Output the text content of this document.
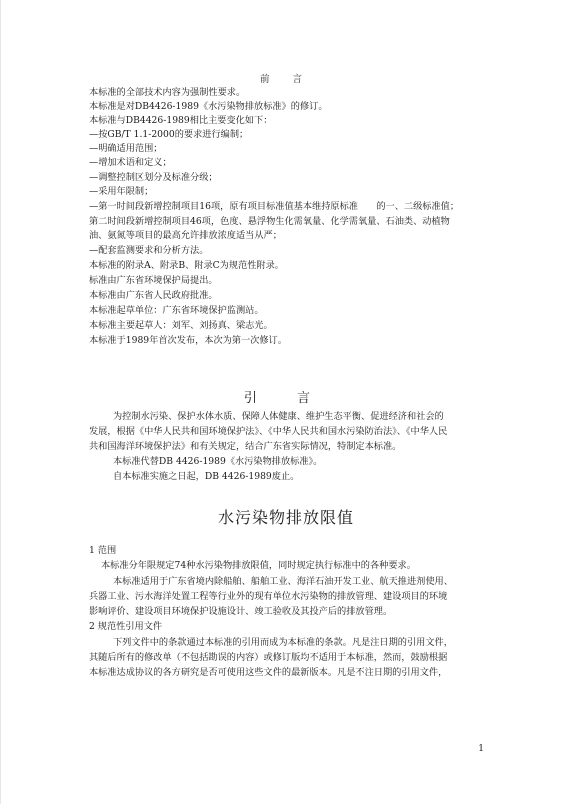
前 言
本标准的全部技术内容为强制性要求。
本标准是对DB4426-1989《水污染物排放标准》的修订。
本标准与DB4426-1989相比主要变化如下：
—按GB/T 1.1-2000的要求进行编制；
—明确适用范围；
—增加术语和定义；
—调整控制区划分及标准分级；
—采用年限制；
—第一时间段新增控制项目16项，原有项目标准值基本维持原标准　　的一、二级标准值；
第二时间段新增控制项目46项，色度、悬浮物生化需氧量、化学需氧量、石油类、动植物
油、氨氮等项目的最高允许排放浓度适当从严；
—配套监测要求和分析方法。
本标准的附录A、附录B、附录C为规范性附录。
标准由广东省环境保护局提出。
本标准由广东省人民政府批准。
本标准起草单位：广东省环境保护监测站。
本标准主要起草人：刘军、刘扬真、梁志光。
本标准于1989年首次发布，本次为第一次修订。
引 言
为控制水污染、保护水体水质、保障人体健康、维护生态平衡、促进经济和社会的
发展，根据《中华人民共和国环境保护法》、《中华人民共和国水污染防治法》、《中华人民
共和国海洋环境保护法》和有关规定，结合广东省实际情况，特制定本标准。
本标准代替DB 4426-1989《水污染物排放标准》。
自本标准实施之日起，DB 4426-1989废止。
水污染物排放限值
1 范围
本标准分年限规定74种水污染物排放限值，同时规定执行标准中的各种要求。
本标准适用于广东省境内除船舶、船舶工业、海洋石油开发工业、航天推进剂使用、
兵器工业、污水海洋处置工程等行业外的现有单位水污染物的排放管理、建设项目的环境
影响评价、建设项目环境保护设施设计、竣工验收及其投产后的排放管理。
2 规范性引用文件
下列文件中的条款通过本标准的引用而成为本标准的条款。凡是注日期的引用文件，
其随后所有的修改单（不包括勘误的内容）或修订版均不适用于本标准，然而，鼓励根据
本标准达成协议的各方研究是否可使用这些文件的最新版本。凡是不注日期的引用文件，
1
